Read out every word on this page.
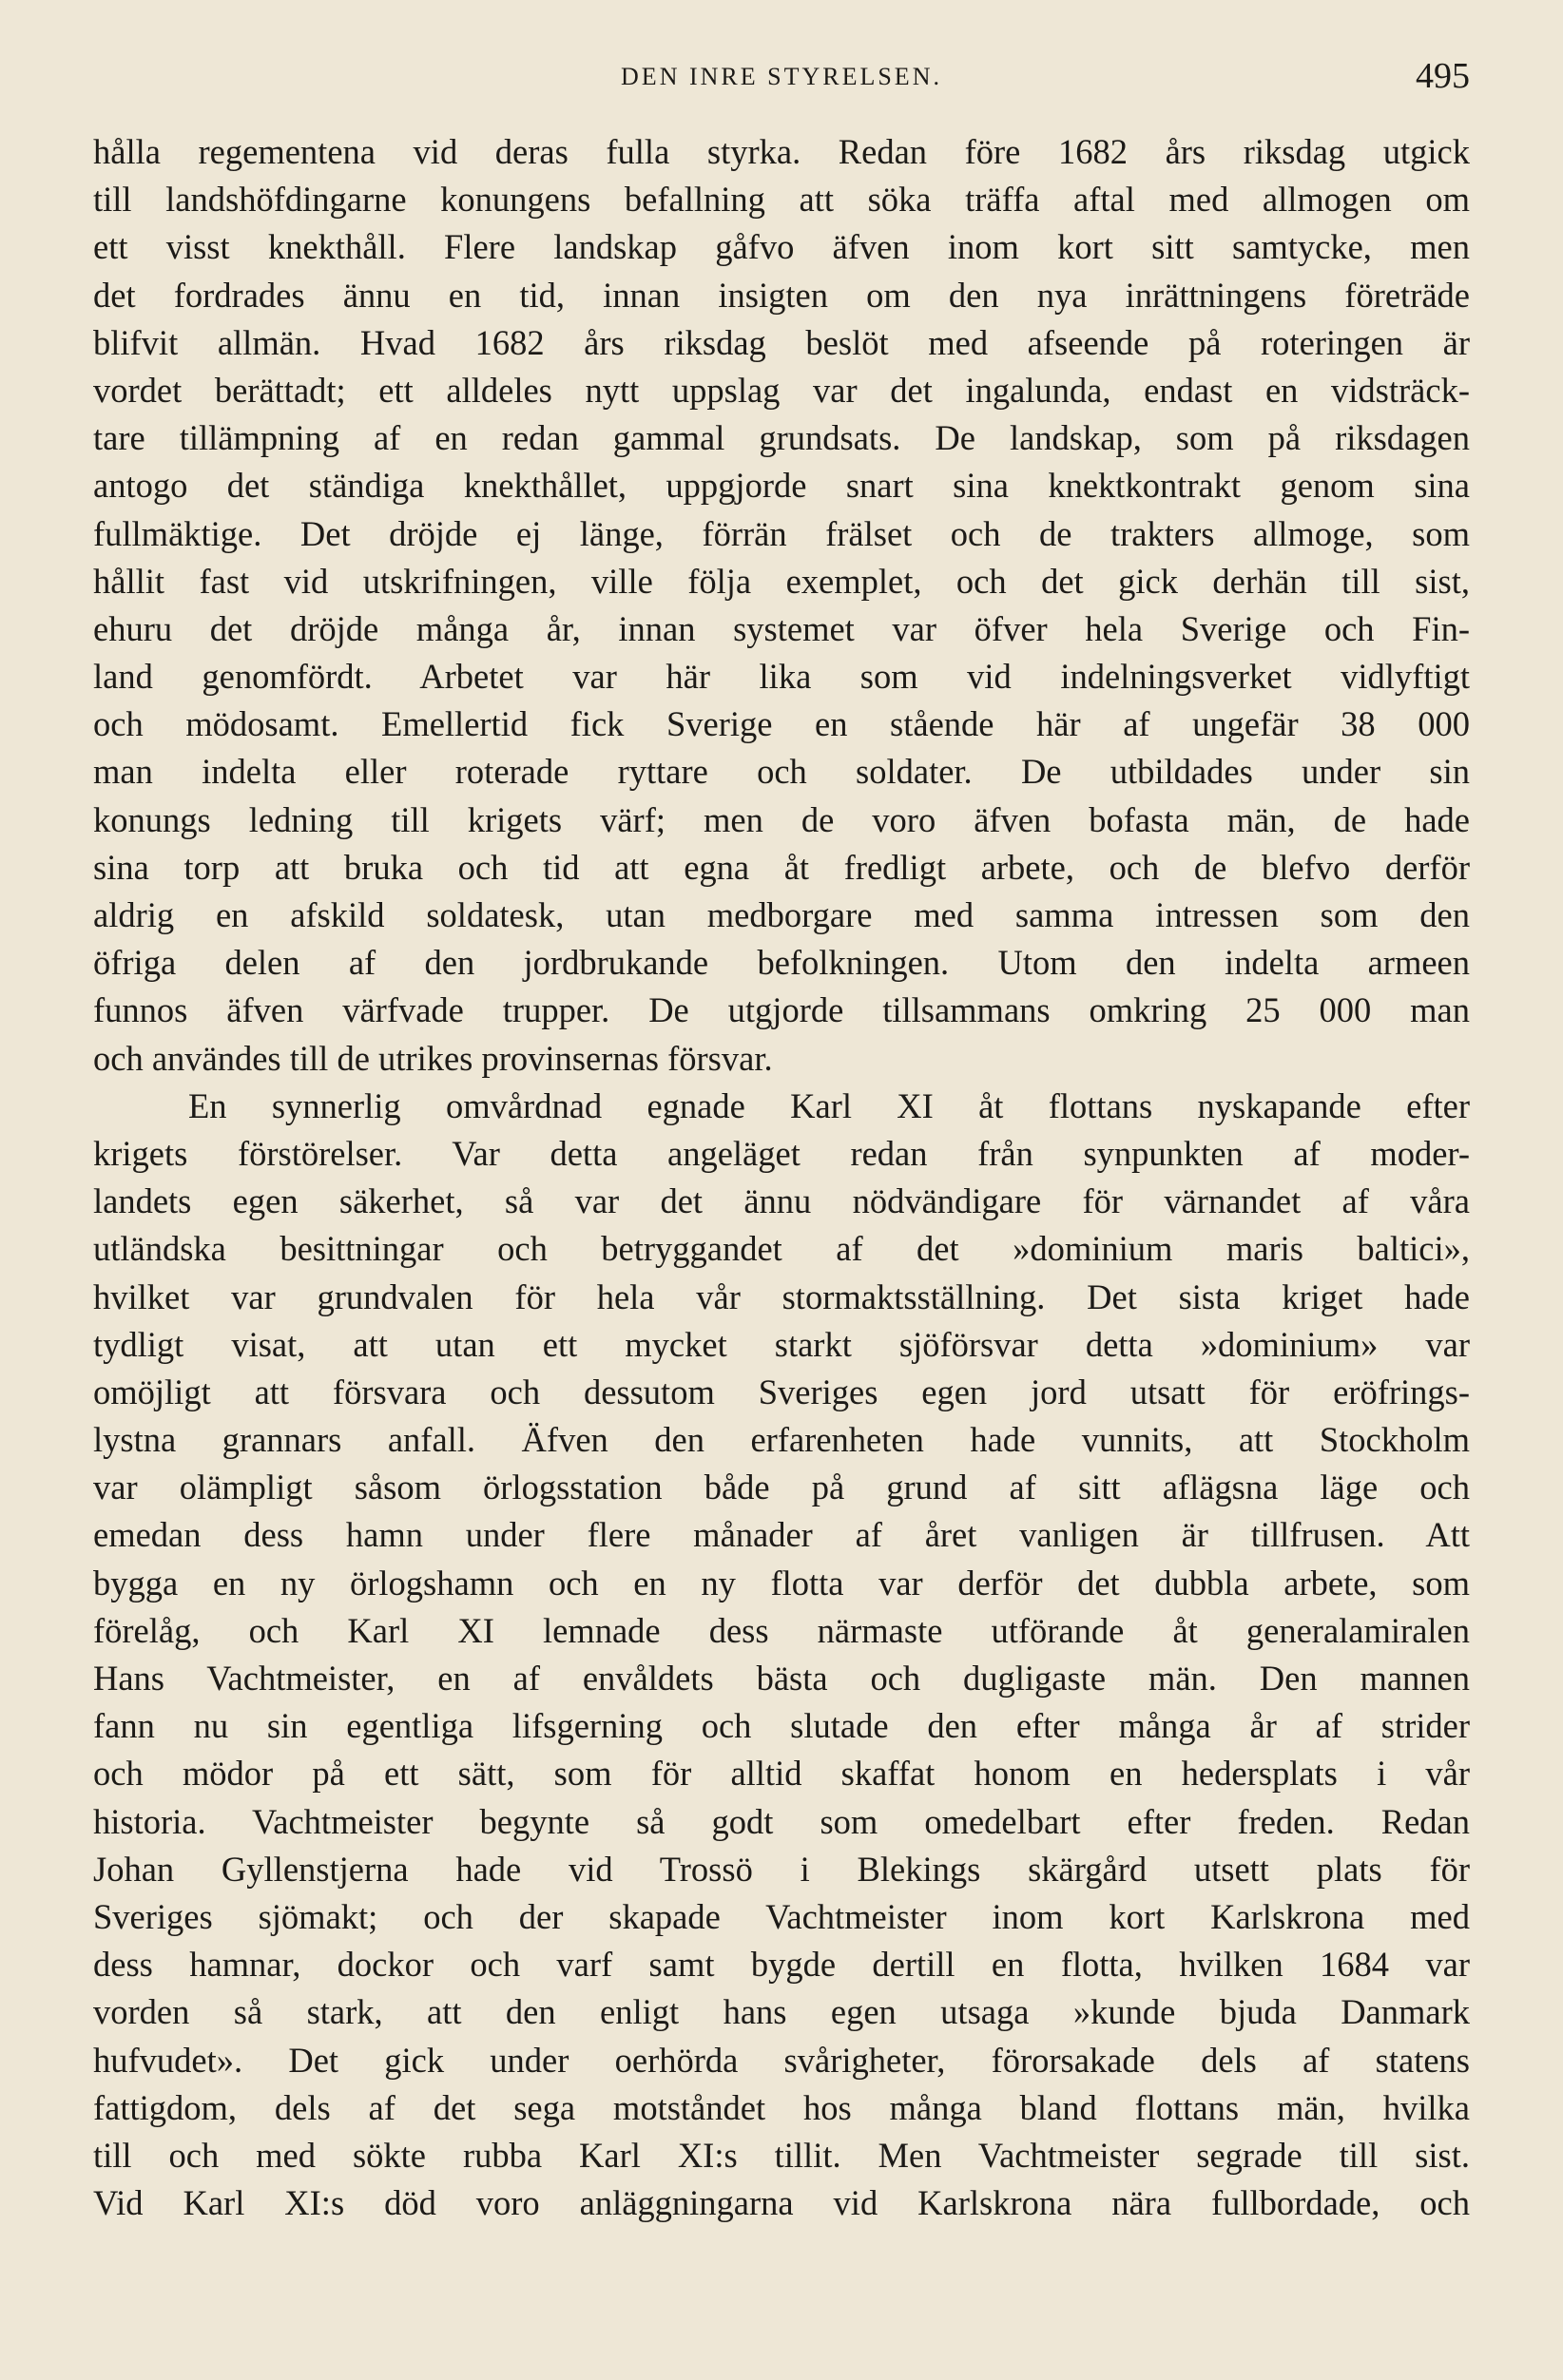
DEN INRE STYRELSEN.	495
hålla regementena vid deras fulla styrka. Redan före 1682 års riksdag utgick
till landshöfdingarne konungens befallning att söka träffa aftal med allmogen om
ett visst knekthåll. Flere landskap gåfvo äfven inom kort sitt samtycke, men
det fordrades ännu en tid, innan insigten om den nya inrättningens företräde
blifvit allmän. Hvad 1682 års riksdag beslöt med afseende på roteringen är
vordet berättadt; ett alldeles nytt uppslag var det ingalunda, endast en vidsträck-
tare tillämpning af en redan gammal grundsats. De landskap, som på riksdagen
antogo det ständiga knekthållet, uppgjorde snart sina knektkontrakt genom sina
fullmäktige. Det dröjde ej länge, förrän frälset och de trakters allmoge, som
hållit fast vid utskrifningen, ville följa exemplet, och det gick derhän till sist,
ehuru det dröjde många år, innan systemet var öfver hela Sverige och Fin-
land genomfördt. Arbetet var här lika som vid indelningsverket vidlyftigt
och mödosamt. Emellertid fick Sverige en stående här af ungefär 38 000
man indelta eller roterade ryttare och soldater. De utbildades under sin
konungs ledning till krigets värf; men de voro äfven bofasta män, de hade
sina torp att bruka och tid att egna åt fredligt arbete, och de blefvo derför
aldrig en afskild soldatesk, utan medborgare med samma intressen som den
öfriga delen af den jordbrukande befolkningen. Utom den indelta armeen
funnos äfven värfvade trupper. De utgjorde tillsammans omkring 25 000 man
och användes till de utrikes provinsernas försvar.
En synnerlig omvårdnad egnade Karl XI åt flottans nyskapande efter
krigets förstörelser. Var detta angeläget redan från synpunkten af moder-
landets egen säkerhet, så var det ännu nödvändigare för värnandet af våra
utländska besittningar och betryggandet af det »dominium maris baltici»,
hvilket var grundvalen för hela vår stormaktsställning. Det sista kriget hade
tydligt visat, att utan ett mycket starkt sjöförsvar detta »dominium» var
omöjligt att försvara och dessutom Sveriges egen jord utsatt för eröfrings-
lystna grannars anfall. Äfven den erfarenheten hade vunnits, att Stockholm
var olämpligt såsom örlogsstation både på grund af sitt aflägsna läge och
emedan dess hamn under flere månader af året vanligen är tillfrusen. Att
bygga en ny örlogshamn och en ny flotta var derför det dubbla arbete, som
förelåg, och Karl XI lemnade dess närmaste utförande åt generalamiralen
Hans Vachtmeister, en af envåldets bästa och dugligaste män. Den mannen
fann nu sin egentliga lifsgerning och slutade den efter många år af strider
och mödor på ett sätt, som för alltid skaffat honom en hedersplats i vår
historia. Vachtmeister begynte så godt som omedelbart efter freden. Redan
Johan Gyllenstjerna hade vid Trossö i Blekings skärgård utsett plats för
Sveriges sjömakt; och der skapade Vachtmeister inom kort Karlskrona med
dess hamnar, dockor och varf samt bygde dertill en flotta, hvilken 1684 var
vorden så stark, att den enligt hans egen utsaga »kunde bjuda Danmark
hufvudet». Det gick under oerhörda svårigheter, förorsakade dels af statens
fattigdom, dels af det sega motståndet hos många bland flottans män, hvilka
till och med sökte rubba Karl XI:s tillit. Men Vachtmeister segrade till sist.
Vid Karl XI:s död voro anläggningarna vid Karlskrona nära fullbordade, och
